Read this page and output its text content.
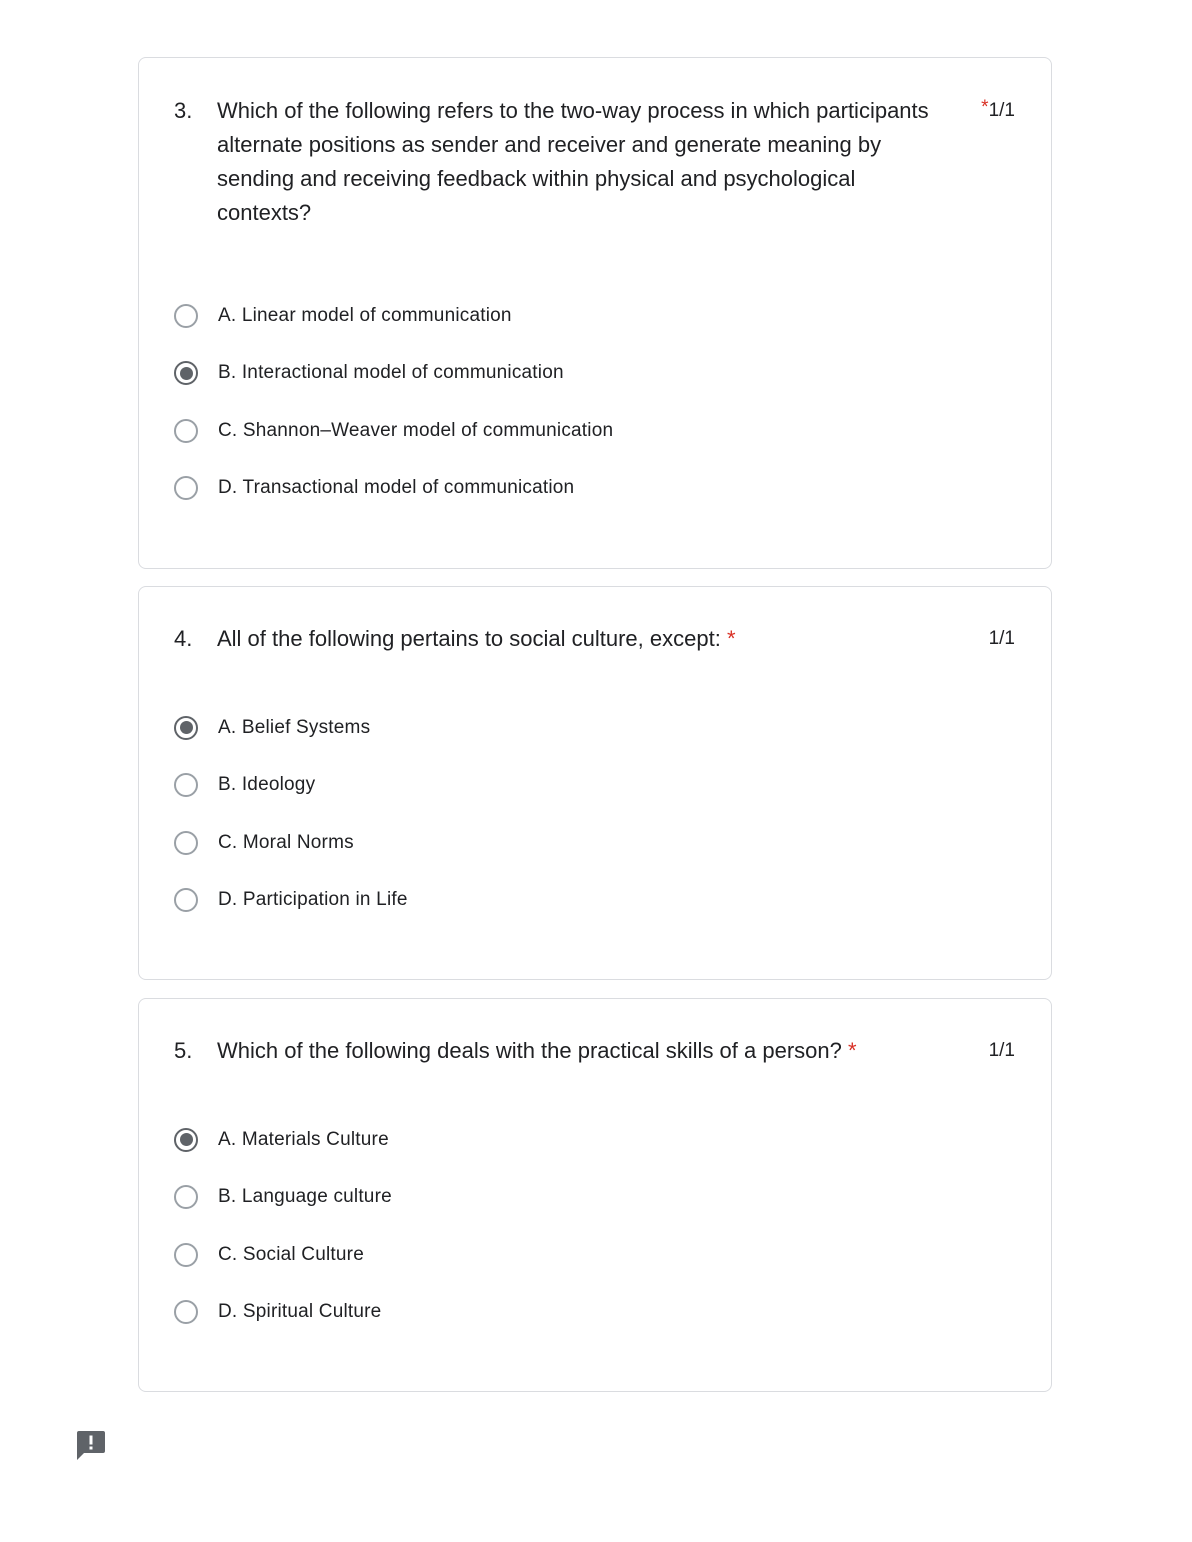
3.	Which of the following refers to the two-way process in which participants alternate positions as sender and receiver and generate meaning by sending and receiving feedback within physical and psychological contexts?
*1/1
A. Linear model of communication
B. Interactional model of communication
C. Shannon–Weaver model of communication
D. Transactional model of communication
4.	All of the following pertains to social culture, except: *	1/1
A. Belief Systems
B. Ideology
C. Moral Norms
D. Participation in Life
5.	Which of the following deals with the practical skills of a person? *	1/1
A. Materials Culture
B. Language culture
C. Social Culture
D. Spiritual Culture
